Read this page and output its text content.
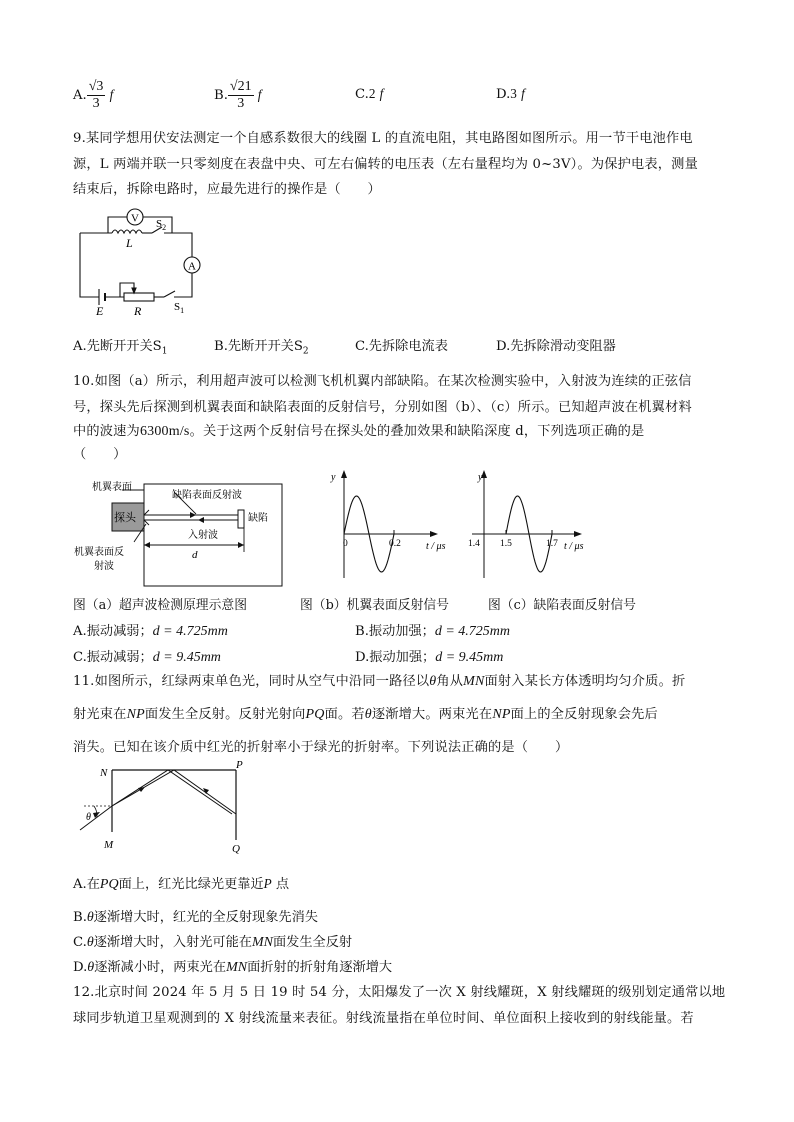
A. $\frac{√3}{3}$ f	B. $\frac{√21}{3}$ f	C.2 f	D.3 f
9.某同学想用伏安法测定一个自感系数很大的线圈 L 的直流电阻，其电路图如图所示。用一节干电池作电
源，L 两端并联一只零刻度在表盘中央、可左右偏转的电压表（左右量程均为 0~3V）。为保护电表，测量
结束后，拆除电路时，应最先进行的操作是（　　）
V
A
L
$S_2$
E	R	$S_1$
A.先断开开关$S_1$	B.先断开开关$S_2$	C.先拆除电流表	D.先拆除滑动变阻器
10.如图（a）所示，利用超声波可以检测飞机机翼内部缺陷。在某次检测实验中，入射波为连续的正弦信
号，探头先后探测到机翼表面和缺陷表面的反射信号，分别如图（b）、（c）所示。已知超声波在机翼材料
中的波速为6300m/s。关于这两个反射信号在探头处的叠加效果和缺陷深度 d，下列选项正确的是
（　　）
机翼表面
缺陷表面反射波
探头	缺陷
入射波
机翼表面反
射波
d
y
t / μs
0	0.2
y
t / μs
1.4 1.5	1.7
图（a）超声波检测原理示意图	图（b）机翼表面反射信号	图（c）缺陷表面反射信号
A.振动减弱；d = 4.725mm	B.振动加强；d = 4.725mm
C.振动减弱；d = 9.45mm	D.振动加强；d = 9.45mm
11.如图所示，红绿两束单色光，同时从空气中沿同一路径以θ角从MN面射入某长方体透明均匀介质。折
射光束在NP面发生全反射。反射光射向PQ面。若θ逐渐增大。两束光在NP面上的全反射现象会先后
消失。已知在该介质中红光的折射率小于绿光的折射率。下列说法正确的是（　　）
N
P
M	Q
θ
A.在PQ面上，红光比绿光更靠近P 点
B.θ逐渐增大时，红光的全反射现象先消失
C.θ逐渐增大时，入射光可能在MN面发生全反射
D.θ逐渐减小时，两束光在MN面折射的折射角逐渐增大
12.北京时间 2024 年 5 月 5 日 19 时 54 分，太阳爆发了一次 X 射线耀斑，X 射线耀斑的级别划定通常以地
球同步轨道卫星观测到的 X 射线流量来表征。射线流量指在单位时间、单位面积上接收到的射线能量。若
